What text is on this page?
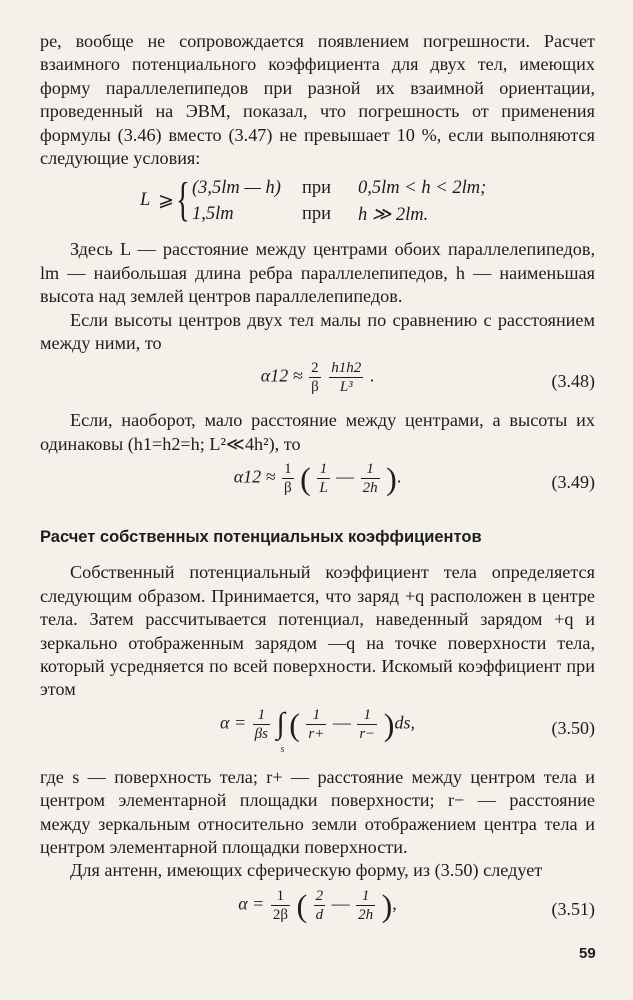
ре, вообще не сопровождается появлением погрешности. Расчет взаимного потенциального коэффициента для двух тел, имеющих форму параллелепипедов при разной их взаимной ориентации, проведенный на ЭВМ, показал, что погрешность от применения формулы (3.46) вместо (3.47) не превышает 10 %, если выполняются следующие условия:

L ⩾ { (3,5lm — h) при 0,5lm < h < 2lm;
1,5lm	при h ≫ 2lm.

Здесь L — расстояние между центрами обоих параллелепипедов, lm — наибольшая длина ребра параллелепипедов, h — наименьшая высота над землей центров параллелепипедов.

Если высоты центров двух тел малы по сравнению с расстоянием между ними, то

$\alpha 12 \approx \frac{2}{\beta}$
$\frac{h1h2}{\text{L³}}$ .	(3.48)

Если, наоборот, мало расстояние между центрами, а высоты их одинаковы (h1=h2=h; L²≪4h²), то

$\alpha 12 \approx \frac{1}{\beta}$ ( $\frac{1}{L}$ — $\frac{1}{2h}$ ).	(3.49)
Расчет собственных потенциальных коэффициентов

Собственный потенциальный коэффициент тела определяется следующим образом. Принимается, что заряд +q расположен в центре тела. Затем рассчитывается потенциал, наведенный зарядом +q и зеркально отображенным зарядом —q на точке поверхности тела, который усредняется по всей поверхности. Искомый коэффициент при этом

$\alpha = \frac{1}{\beta s}$ ∫
s
( $\frac{1}{r+}$ — $\frac{1}{r-} )ds$,	(3.50)

где s — поверхность тела; r+ — расстояние между центром тела и центром элементарной площадки поверхности; r− — расстояние между зеркальным относительно земли отображением центра тела и центром элементарной площадки поверхности.

Для антенн, имеющих сферическую форму, из (3.50) следует

$\alpha = \frac{1}{2\beta}$ ( $\frac{2}{d}$ — $\frac{1}{2h}$ ),	(3.51)
59
